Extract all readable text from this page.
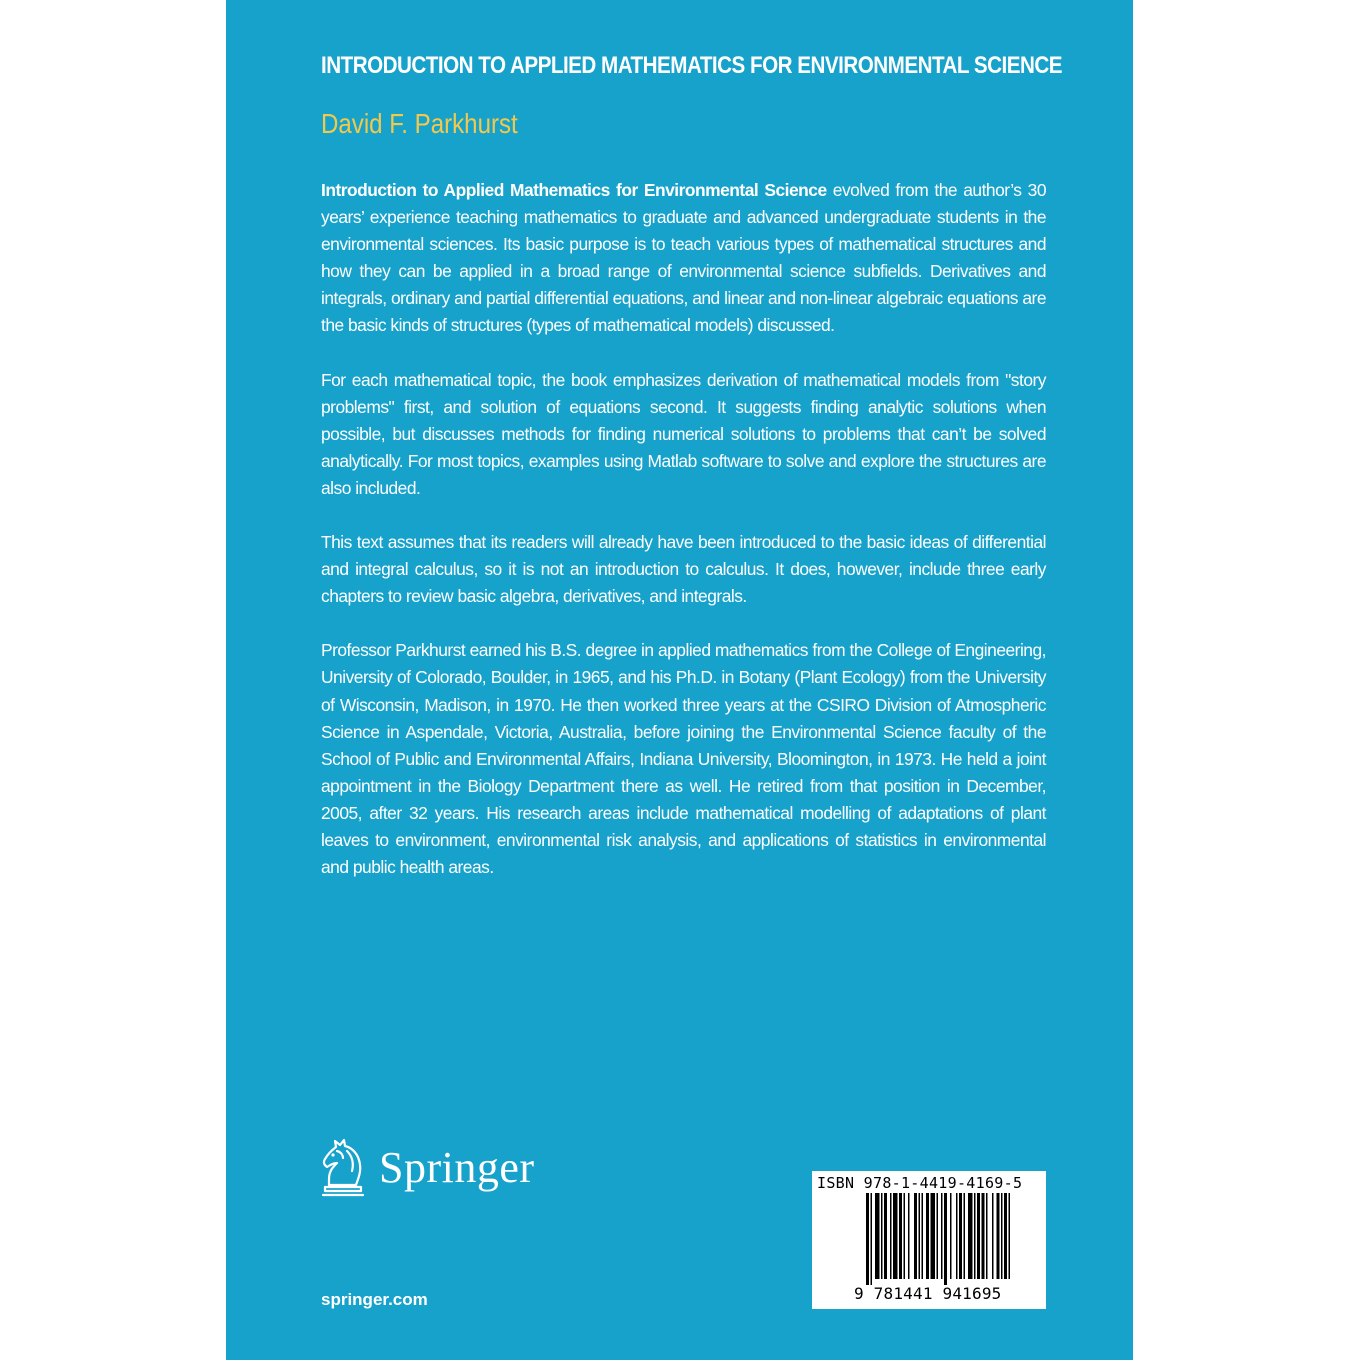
INTRODUCTION TO APPLIED MATHEMATICS FOR ENVIRONMENTAL SCIENCE
David F. Parkhurst

Introduction to Applied Mathematics for Environmental Science evolved from the author’s 30 years’ experience teaching mathematics to graduate and advanced undergraduate students in the environmental sciences. Its basic purpose is to teach various types of mathematical structures and how they can be applied in a broad range of environmental science subfields. Derivatives and integrals, ordinary and partial differential equations, and linear and non-linear algebraic equations are the basic kinds of structures (types of mathematical models) discussed.

For each mathematical topic, the book emphasizes derivation of mathematical models from "story problems" first, and solution of equations second. It suggests finding analytic solutions when possible, but discusses methods for finding numerical solutions to problems that can’t be solved analytically. For most topics, examples using Matlab software to solve and explore the structures are also included.

This text assumes that its readers will already have been introduced to the basic ideas of differential and integral calculus, so it is not an introduction to calculus. It does, however, include three early chapters to review basic algebra, derivatives, and integrals.

Professor Parkhurst earned his B.S. degree in applied mathematics from the College of Engineering, University of Colorado, Boulder, in 1965, and his Ph.D. in Botany (Plant Ecology) from the University of Wisconsin, Madison, in 1970. He then worked three years at the CSIRO Division of Atmospheric Science in Aspendale, Victoria, Australia, before joining the Environmental Science faculty of the School of Public and Environmental Affairs, Indiana University, Bloomington, in 1973. He held a joint appointment in the Biology Department there as well. He retired from that position in December, 2005, after 32 years. His research areas include mathematical modelling of adaptations of plant leaves to environment, environmental risk analysis, and applications of statistics in environmental and public health areas.

Springer
springer.com
ISBN 978-1-4419-4169-5
9 781441 941695
